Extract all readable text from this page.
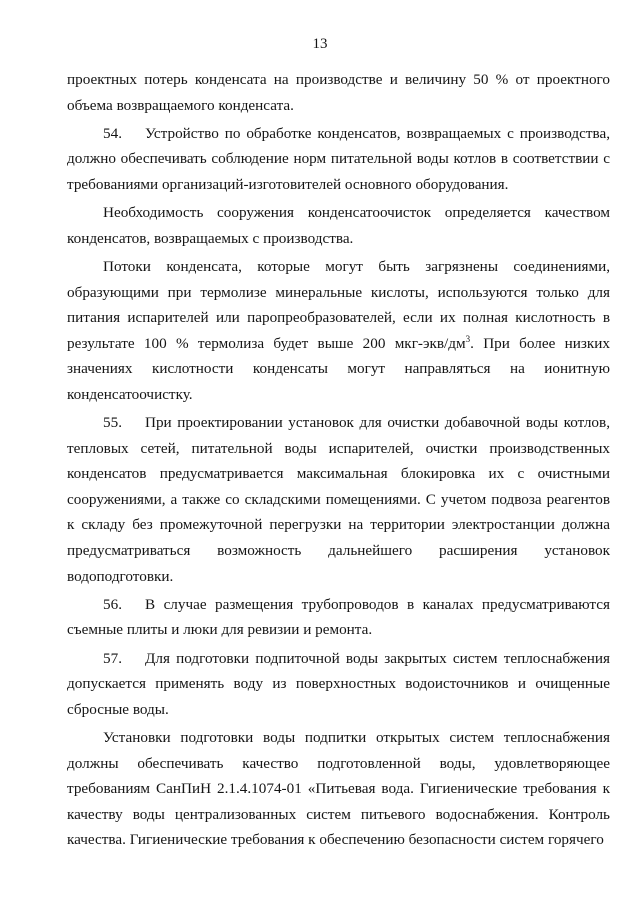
13

проектных потерь конденсата на производстве и величину 50 % от проектного объема возвращаемого конденсата.

54. Устройство по обработке конденсатов, возвращаемых с производства, должно обеспечивать соблюдение норм питательной воды котлов в соответствии с требованиями организаций-изготовителей основного оборудования.

Необходимость сооружения конденсатоочисток определяется качеством конденсатов, возвращаемых с производства.

Потоки конденсата, которые могут быть загрязнены соединениями, образующими при термолизе минеральные кислоты, используются только для питания испарителей или паропреобразователей, если их полная кислотность в результате 100 % термолиза будет выше 200 мкг-$экв/дм^3$. При более низких значениях кислотности конденсаты могут направляться на ионитную конденсатоочистку.

55. При проектировании установок для очистки добавочной воды котлов, тепловых сетей, питательной воды испарителей, очистки производственных конденсатов предусматривается максимальная блокировка их с очистными сооружениями, а также со складскими помещениями. С учетом подвоза реагентов к складу без промежуточной перегрузки на территории электростанции должна предусматриваться возможность дальнейшего расширения установок водоподготовки.

56. В случае размещения трубопроводов в каналах предусматриваются съемные плиты и люки для ревизии и ремонта.

57. Для подготовки подпиточной воды закрытых систем теплоснабжения допускается применять воду из поверхностных водоисточников и очищенные сбросные воды.

Установки подготовки воды подпитки открытых систем теплоснабжения должны обеспечивать качество подготовленной воды, удовлетворяющее требованиям СанПиН 2.1.4.1074-01 «Питьевая вода. Гигиенические требования к качеству воды централизованных систем питьевого водоснабжения. Контроль качества. Гигиенические требования к обеспечению безопасности систем горячего
